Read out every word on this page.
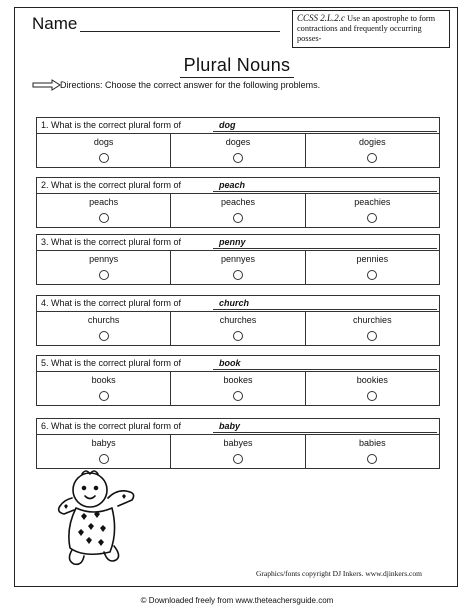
Name	CCSS 2.L.2.c Use an apostrophe to form contractions and frequently occurring posses-
Plural Nouns
Directions: Choose the correct answer for the following problems.
1. What is the correct plural form of	dog
dogs	doges	dogies
2. What is the correct plural form of	peach
peachs	peaches	peachies
3. What is the correct plural form of	penny
pennys	pennyes	pennies
4. What is the correct plural form of	church
churchs	churches	churchies
5. What is the correct plural form of	book
books	bookes	bookies
6. What is the correct plural form of	baby
babys	babyes	babies
Graphics/fonts copyright DJ Inkers. www.djinkers.com
© Downloaded freely from www.theteachersguide.com
